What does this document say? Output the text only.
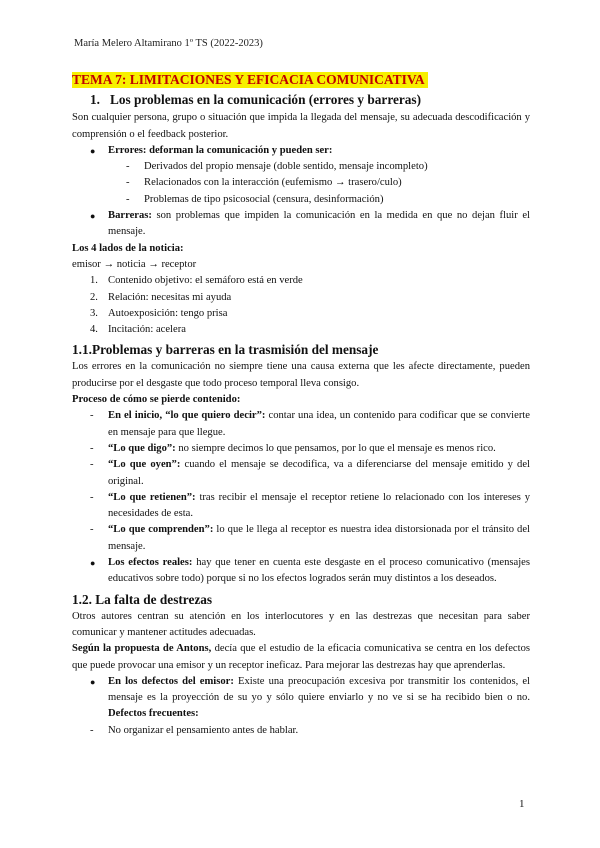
María Melero Altamirano 1º TS (2022-2023)
TEMA 7: LIMITACIONES Y EFICACIA COMUNICATIVA
1.   Los problemas en la comunicación (errores y barreras)

Son cualquier persona, grupo o situación que impida la llegada del mensaje, su adecuada descodificación y comprensión o el feedback posterior.

● Errores: deforman la comunicación y pueden ser:
- Derivados del propio mensaje (doble sentido, mensaje incompleto)
- Relacionados con la interacción (eufemismo → trasero/culo)
- Problemas de tipo psicosocial (censura, desinformación)
● Barreras: son problemas que impiden la comunicación en la medida en que no dejan fluir el mensaje.
Los 4 lados de la noticia:
emisor → noticia → receptor
1. Contenido objetivo: el semáforo está en verde
2. Relación: necesitas mi ayuda
3. Autoexposición: tengo prisa
4. Incitación: acelera
1.1.Problemas y barreras en la trasmisión del mensaje

Los errores en la comunicación no siempre tiene una causa externa que les afecte directamente, pueden producirse por el desgaste que todo proceso temporal lleva consigo.

Proceso de cómo se pierde contenido:
- En el inicio, “lo que quiero decir”: contar una idea, un contenido para codificar que se convierte en mensaje para que llegue.
- “Lo que digo”: no siempre decimos lo que pensamos, por lo que el mensaje es menos rico.
- “Lo que oyen”: cuando el mensaje se decodifica, va a diferenciarse del mensaje emitido y del original.
- “Lo que retienen”: tras recibir el mensaje el receptor retiene lo relacionado con los intereses y necesidades de esta.
- “Lo que comprenden”: lo que le llega al receptor es nuestra idea distorsionada por el tránsito del mensaje.
● Los efectos reales: hay que tener en cuenta este desgaste en el proceso comunicativo (mensajes educativos sobre todo) porque si no los efectos logrados serán muy distintos a los deseados.
1.2. La falta de destrezas

Otros autores centran su atención en los interlocutores y en las destrezas que necesitan para saber comunicar y mantener actitudes adecuadas.

Según la propuesta de Antons, decía que el estudio de la eficacia comunicativa se centra en los defectos que puede provocar una emisor y un receptor ineficaz. Para mejorar las destrezas hay que aprenderlas.

● En los defectos del emisor: Existe una preocupación excesiva por transmitir los contenidos, el mensaje es la proyección de su yo y sólo quiere enviarlo y no ve si se ha recibido bien o no. Defectos frecuentes:
- No organizar el pensamiento antes de hablar.
1
